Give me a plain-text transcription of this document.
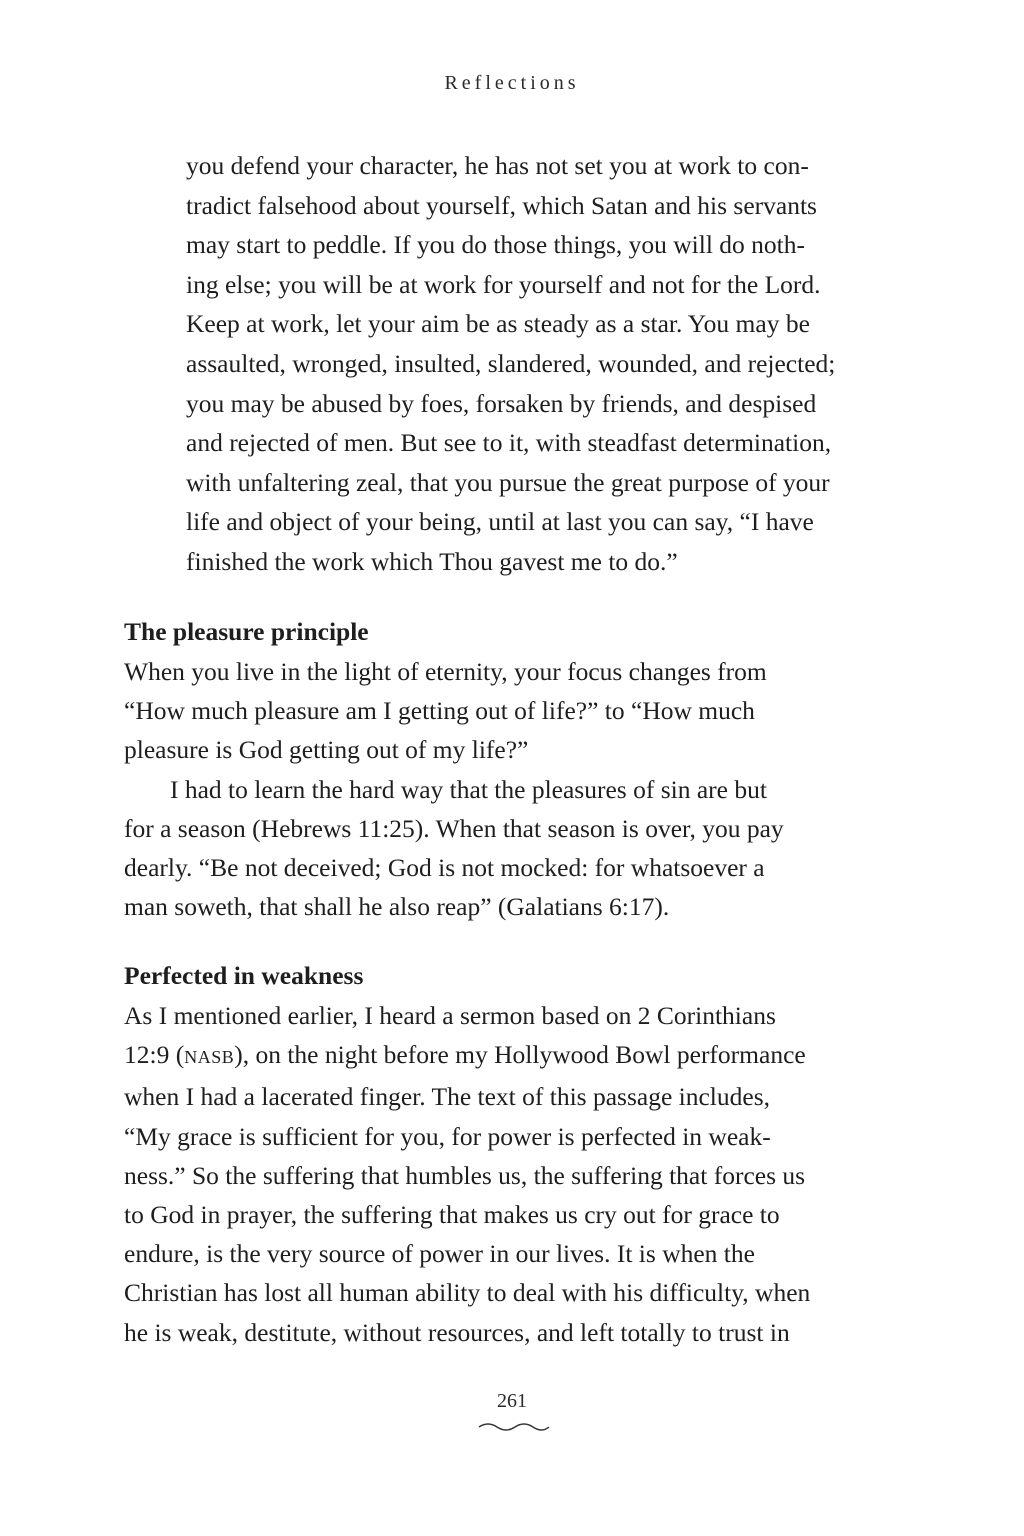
Reflections
you defend your character, he has not set you at work to con-
tradict falsehood about yourself, which Satan and his servants
may start to peddle. If you do those things, you will do noth-
ing else; you will be at work for yourself and not for the Lord.
Keep at work, let your aim be as steady as a star. You may be
assaulted, wronged, insulted, slandered, wounded, and rejected;
you may be abused by foes, forsaken by friends, and despised
and rejected of men. But see to it, with steadfast determination,
with unfaltering zeal, that you pursue the great purpose of your
life and object of your being, until at last you can say, “I have
finished the work which Thou gavest me to do.”
The pleasure principle

When you live in the light of eternity, your focus changes from
“How much pleasure am I getting out of life?” to “How much
pleasure is God getting out of my life?”

I had to learn the hard way that the pleasures of sin are but
for a season (Hebrews 11:25). When that season is over, you pay
dearly. “Be not deceived; God is not mocked: for whatsoever a
man soweth, that shall he also reap” (Galatians 6:17).

Perfected in weakness

As I mentioned earlier, I heard a sermon based on 2 Corinthians
12:9 (NASB), on the night before my Hollywood Bowl performance
when I had a lacerated finger. The text of this passage includes,
“My grace is sufficient for you, for power is perfected in weak-
ness.” So the suffering that humbles us, the suffering that forces us
to God in prayer, the suffering that makes us cry out for grace to
endure, is the very source of power in our lives. It is when the
Christian has lost all human ability to deal with his difficulty, when
he is weak, destitute, without resources, and left totally to trust in

261
